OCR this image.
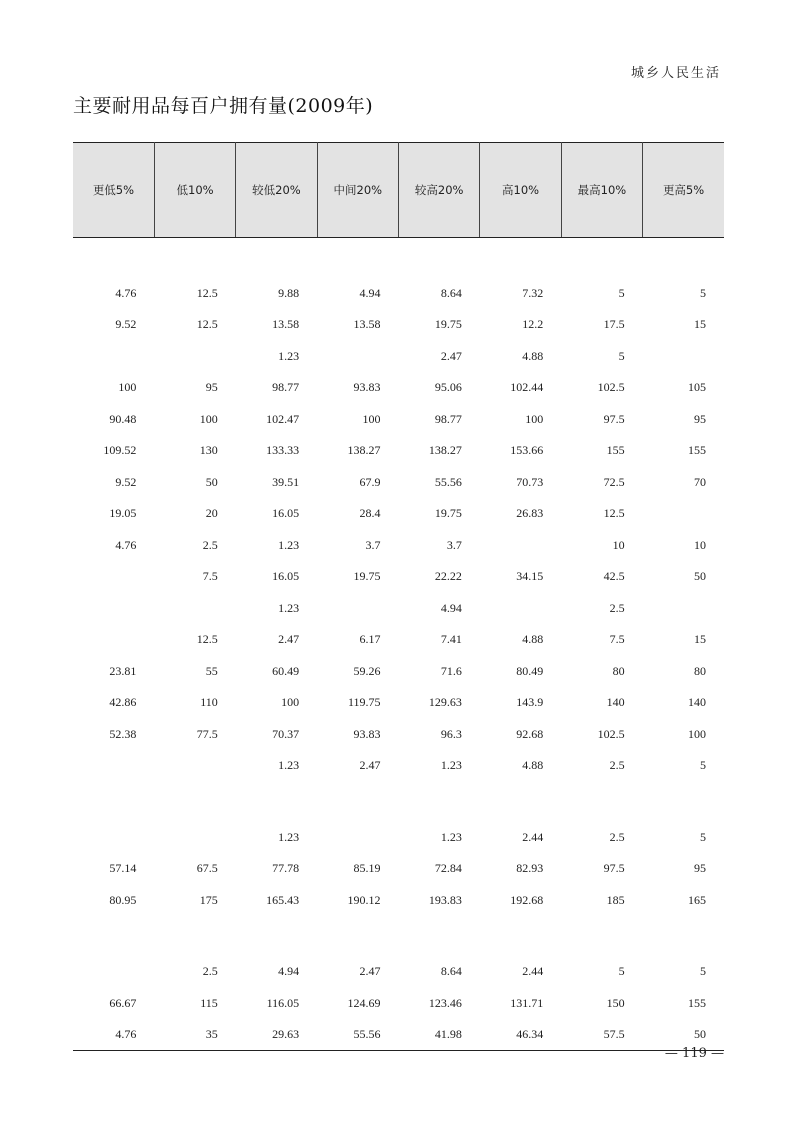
城乡人民生活
主要耐用品每百户拥有量(2009年)
更低5%	低10%	较低20%	中间20%	较高20%	高10%	最高10%	更高5%

4.76	12.5	9.88	4.94	8.64	7.32	5	5
9.52	12.5	13.58	13.58	19.75	12.2	17.5	15
		1.23		2.47	4.88	5	
100	95	98.77	93.83	95.06	102.44	102.5	105
90.48	100	102.47	100	98.77	100	97.5	95
109.52	130	133.33	138.27	138.27	153.66	155	155
9.52	50	39.51	67.9	55.56	70.73	72.5	70
19.05	20	16.05	28.4	19.75	26.83	12.5	
4.76	2.5	1.23	3.7	3.7		10	10
	7.5	16.05	19.75	22.22	34.15	42.5	50
		1.23		4.94		2.5	
	12.5	2.47	6.17	7.41	4.88	7.5	15
23.81	55	60.49	59.26	71.6	80.49	80	80
42.86	110	100	119.75	129.63	143.9	140	140
52.38	77.5	70.37	93.83	96.3	92.68	102.5	100
		1.23	2.47	1.23	4.88	2.5	5

		1.23		1.23	2.44	2.5	5
57.14	67.5	77.78	85.19	72.84	82.93	97.5	95
80.95	175	165.43	190.12	193.83	192.68	185	165

	2.5	4.94	2.47	8.64	2.44	5	5
66.67	115	116.05	124.69	123.46	131.71	150	155
4.76	35	29.63	55.56	41.98	46.34	57.5	50
— 119 —
